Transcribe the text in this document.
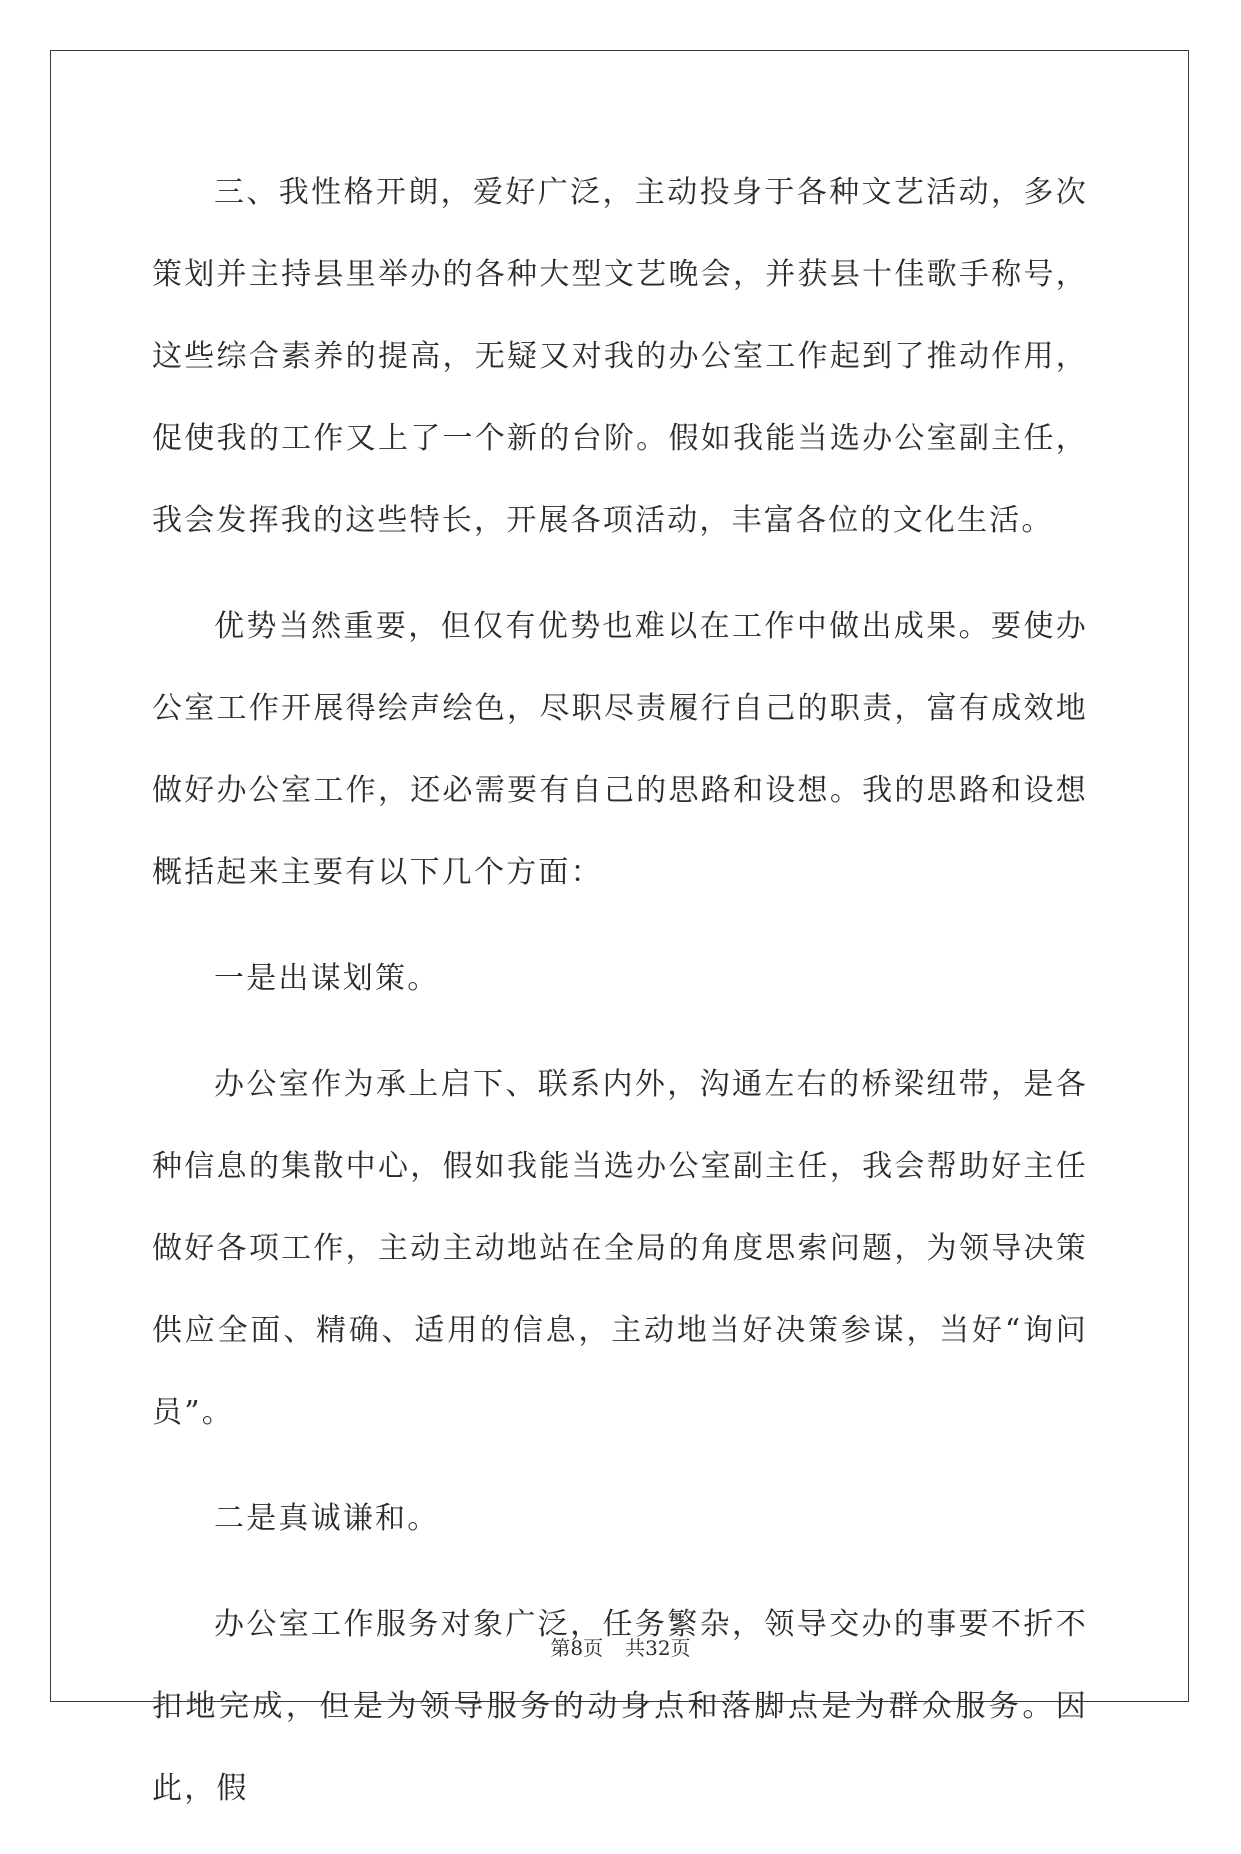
三、我性格开朗，爱好广泛，主动投身于各种文艺活动，多次策划并主持县里举办的各种大型文艺晚会，并获县十佳歌手称号，这些综合素养的提高，无疑又对我的办公室工作起到了推动作用，促使我的工作又上了一个新的台阶。假如我能当选办公室副主任，我会发挥我的这些特长，开展各项活动，丰富各位的文化生活。

优势当然重要，但仅有优势也难以在工作中做出成果。要使办公室工作开展得绘声绘色，尽职尽责履行自己的职责，富有成效地做好办公室工作，还必需要有自己的思路和设想。我的思路和设想概括起来主要有以下几个方面：

一是出谋划策。

办公室作为承上启下、联系内外，沟通左右的桥梁纽带，是各种信息的集散中心，假如我能当选办公室副主任，我会帮助好主任做好各项工作，主动主动地站在全局的角度思索问题，为领导决策供应全面、精确、适用的信息，主动地当好决策参谋，当好“询问员”。

二是真诚谦和。

办公室工作服务对象广泛，任务繁杂，领导交办的事要不折不扣地完成，但是为领导服务的动身点和落脚点是为群众服务。因此，假

第8页 共32页
